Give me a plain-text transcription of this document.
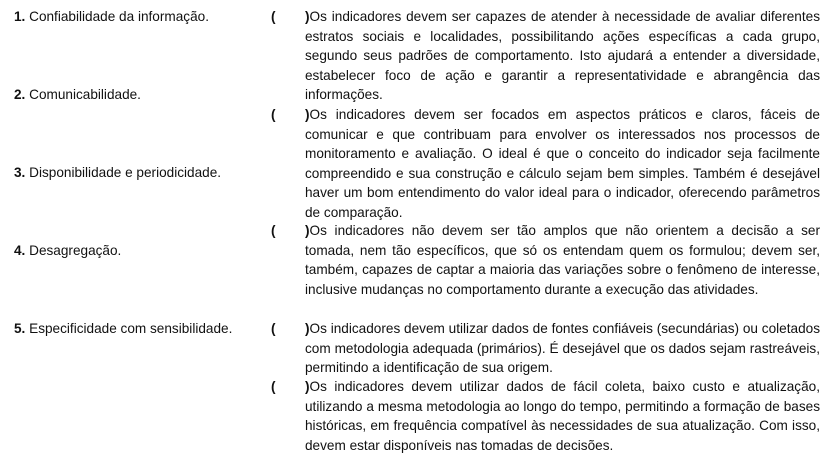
1. Confiabilidade da informação.
2. Comunicabilidade.
3. Disponibilidade e periodicidade.
4. Desagregação.
5. Especificidade com sensibilidade.
(
(
(
(
(
)Os indicadores devem ser capazes de atender à necessidade de avaliar diferentes estratos sociais e localidades, possibilitando ações específicas a cada grupo, segundo seus padrões de comportamento. Isto ajudará a entender a diversidade, estabelecer foco de ação e garantir a representatividade e abrangência das informações.
)Os indicadores devem ser focados em aspectos práticos e claros, fáceis de comunicar e que contribuam para envolver os interessados nos processos de monitoramento e avaliação. O ideal é que o conceito do indicador seja facilmente compreendido e sua construção e cálculo sejam bem simples. Também é desejável haver um bom entendimento do valor ideal para o indicador, oferecendo parâmetros de comparação.
)Os indicadores não devem ser tão amplos que não orientem a decisão a ser tomada, nem tão específicos, que só os entendam quem os formulou; devem ser, também, capazes de captar a maioria das variações sobre o fenômeno de interesse, inclusive mudanças no comportamento durante a execução das atividades.
)Os indicadores devem utilizar dados de fontes confiáveis (secundárias) ou coletados com metodologia adequada (primários). É desejável que os dados sejam rastreáveis, permitindo a identificação de sua origem.
)Os indicadores devem utilizar dados de fácil coleta, baixo custo e atualização, utilizando a mesma metodologia ao longo do tempo, permitindo a formação de bases históricas, em frequência compatível às necessidades de sua atualização. Com isso, devem estar disponíveis nas tomadas de decisões.
